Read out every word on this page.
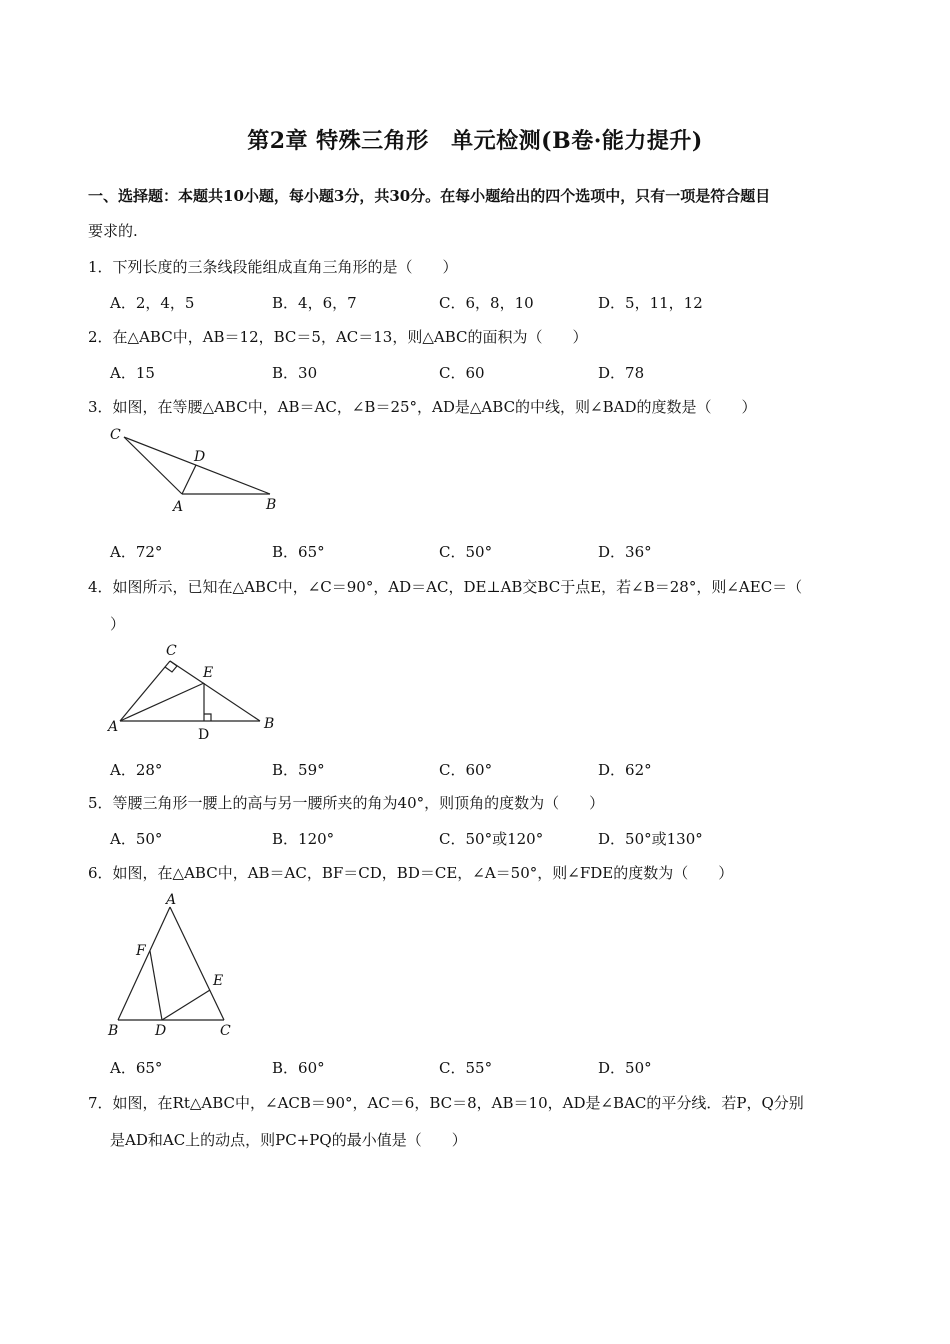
第2章 特殊三角形　单元检测(B卷·能力提升)
一、选择题：本题共10小题，每小题3分，共30分。在每小题给出的四个选项中，只有一项是符合题目
要求的.
1．下列长度的三条线段能组成直角三角形的是（　　）
A．2，4，5	B．4，6，7	C．6，8，10	D．5，11，12
2．在△ABC中，AB＝12，BC＝5，AC＝13，则△ABC的面积为（　　）
A．15	B．30	C．60	D．78
3．如图，在等腰△ABC中，AB＝AC，∠B＝25°，AD是△ABC的中线，则∠BAD的度数是（　　）
C
D
A	B
A．72°	B．65°	C．50°	D．36°
4．如图所示，已知在△ABC中，∠C＝90°，AD＝AC，DE⊥AB交BC于点E，若∠B＝28°，则∠AEC＝（
）
C
E
A	B
D
A．28°	B．59°	C．60°	D．62°
5．等腰三角形一腰上的高与另一腰所夹的角为40°，则顶角的度数为（　　）
A．50°	B．120°	C．50°或120°	D．50°或130°
6．如图，在△ABC中，AB＝AC，BF＝CD，BD＝CE，∠A＝50°，则∠FDE的度数为（　　）
A
F
E
B	D	C
A．65°	B．60°	C．55°	D．50°
7．如图，在Rt△ABC中，∠ACB＝90°，AC＝6，BC＝8，AB＝10，AD是∠BAC的平分线．若P，Q分别
是AD和AC上的动点，则PC+PQ的最小值是（　　）
